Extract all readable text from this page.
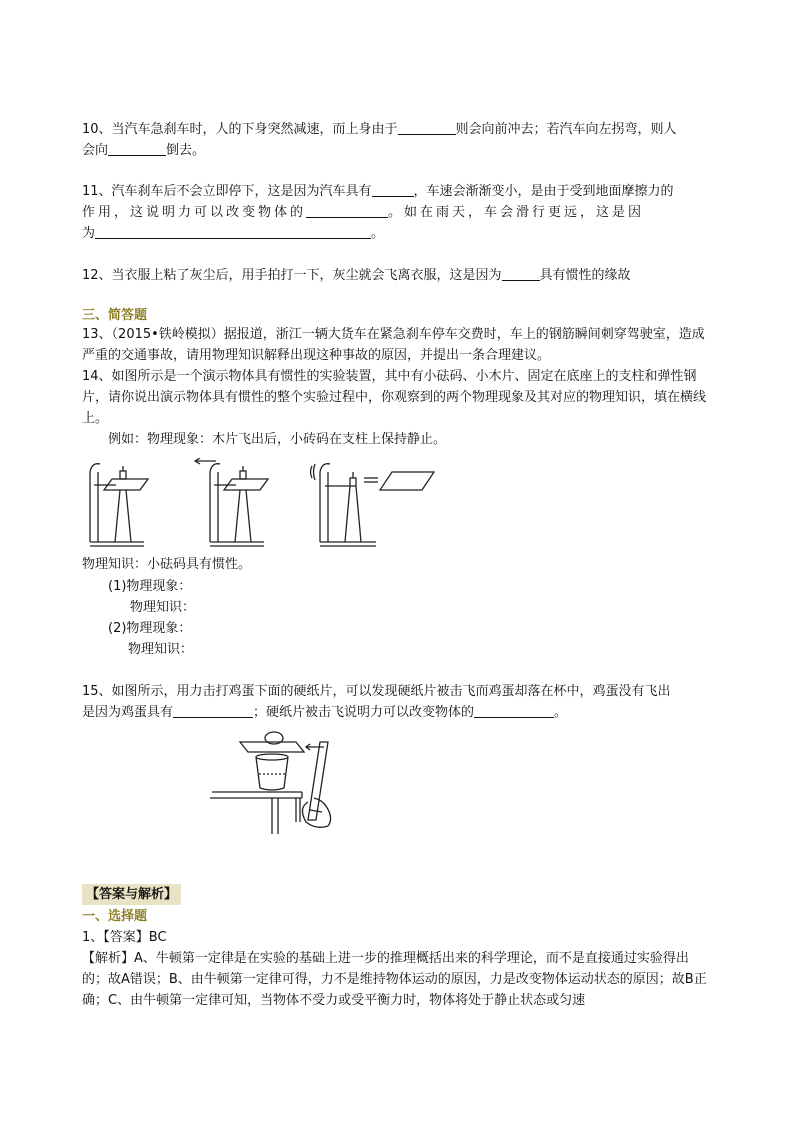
10、当汽车急刹车时，人的下身突然减速，而上身由于	则会向前冲去；若汽车向左拐弯，则人
会向	倒去。
11、汽车刹车后不会立即停下，这是因为汽车具有	，车速会渐渐变小，是由于受到地面摩擦力的
作用，这说明力可以改变物体的	。如在雨天，车会滑行更远，这是因
为	。
12、当衣服上粘了灰尘后，用手拍打一下，灰尘就会飞离衣服，这是因为	具有惯性的缘故
三、简答题
13、（2015•铁岭模拟）据报道，浙江一辆大货车在紧急刹车停车交费时，车上的钢筋瞬间刺穿驾驶室，造成严重的交通事故，请用物理知识解释出现这种事故的原因，并提出一条合理建议。
14、如图所示是一个演示物体具有惯性的实验装置，其中有小砝码、小木片、固定在底座上的支柱和弹性钢片，请你说出演示物体具有惯性的整个实验过程中，你观察到的两个物理现象及其对应的物理知识，填在横线上。
例如：物理现象：木片飞出后，小砖码在支柱上保持静止。
物理知识：小砝码具有惯性。
(1)物理现象：
物理知识：
(2)物理现象：
物理知识：
15、如图所示，用力击打鸡蛋下面的硬纸片，可以发现硬纸片被击飞而鸡蛋却落在杯中，鸡蛋没有飞出
是因为鸡蛋具有	；硬纸片被击飞说明力可以改变物体的	。
【答案与解析】
一、选择题
1、【答案】BC
【解析】A、牛顿第一定律是在实验的基础上进一步的推理概括出来的科学理论，而不是直接通过实验得出的；故A错误；B、由牛顿第一定律可得，力不是维持物体运动的原因，力是改变物体运动状态的原因；故B正确；C、由牛顿第一定律可知，当物体不受力或受平衡力时，物体将处于静止状态或匀速
